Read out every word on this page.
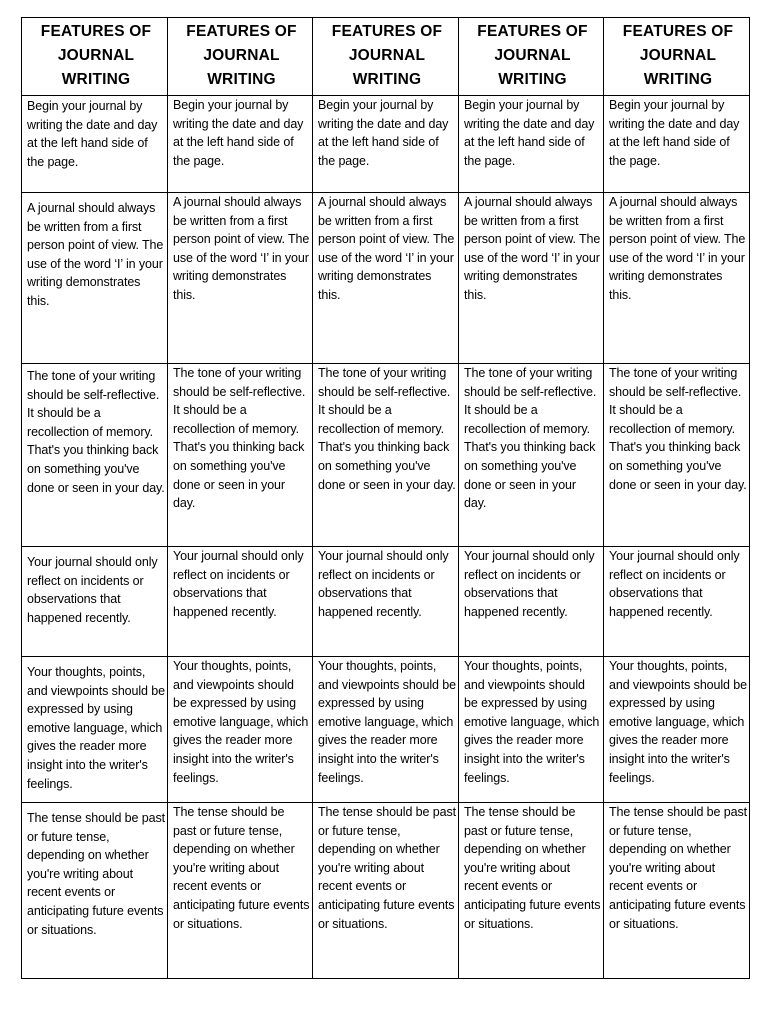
FEATURES OF JOURNAL WRITING	FEATURES OF JOURNAL WRITING	FEATURES OF JOURNAL WRITING	FEATURES OF JOURNAL WRITING	FEATURES OF JOURNAL WRITING
Begin your journal by writing the date and day at the left hand side of the page.	Begin your journal by writing the date and day at the left hand side of the page.	Begin your journal by writing the date and day at the left hand side of the page.	Begin your journal by writing the date and day at the left hand side of the page.	Begin your journal by writing the date and day at the left hand side of the page.
A journal should always be written from a first person point of view. The use of the word ‘I’ in your writing demonstrates this.	A journal should always be written from a first person point of view. The use of the word ‘I’ in your writing demonstrates this.	A journal should always be written from a first person point of view. The use of the word ‘I’ in your writing demonstrates this.	A journal should always be written from a first person point of view. The use of the word ‘I’ in your writing demonstrates this.	A journal should always be written from a first person point of view. The use of the word ‘I’ in your writing demonstrates this.
The tone of your writing should be self-reflective. It should be a recollection of memory. That's you thinking back on something you've done or seen in your day.	The tone of your writing should be self-reflective. It should be a recollection of memory. That's you thinking back on something you've done or seen in your day.	The tone of your writing should be self-reflective. It should be a recollection of memory. That's you thinking back on something you've done or seen in your day.	The tone of your writing should be self-reflective. It should be a recollection of memory. That's you thinking back on something you've done or seen in your day.	The tone of your writing should be self-reflective. It should be a recollection of memory. That's you thinking back on something you've done or seen in your day.
Your journal should only reflect on incidents or observations that happened recently.	Your journal should only reflect on incidents or observations that happened recently.	Your journal should only reflect on incidents or observations that happened recently.	Your journal should only reflect on incidents or observations that happened recently.	Your journal should only reflect on incidents or observations that happened recently.
Your thoughts, points, and viewpoints should be expressed by using emotive language, which gives the reader more insight into the writer's feelings.	Your thoughts, points, and viewpoints should be expressed by using emotive language, which gives the reader more insight into the writer's feelings.	Your thoughts, points, and viewpoints should be expressed by using emotive language, which gives the reader more insight into the writer's feelings.	Your thoughts, points, and viewpoints should be expressed by using emotive language, which gives the reader more insight into the writer's feelings.	Your thoughts, points, and viewpoints should be expressed by using emotive language, which gives the reader more insight into the writer's feelings.
The tense should be past or future tense, depending on whether you're writing about recent events or anticipating future events or situations.	The tense should be past or future tense, depending on whether you're writing about recent events or anticipating future events or situations.	The tense should be past or future tense, depending on whether you're writing about recent events or anticipating future events or situations.	The tense should be past or future tense, depending on whether you're writing about recent events or anticipating future events or situations.	The tense should be past or future tense, depending on whether you're writing about recent events or anticipating future events or situations.
